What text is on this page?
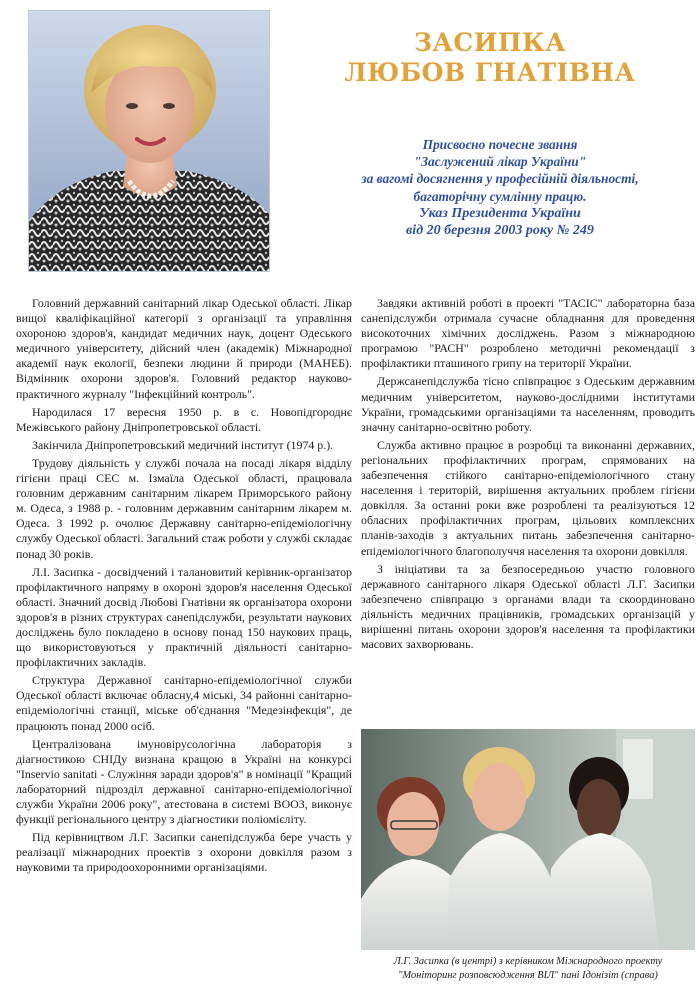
ЗАСИПКА
ЛЮБОВ ГНАТІВНА
Присвоєно почесне звання
"Заслужений лікар України"
за вагомі досягнення у професійній діяльності,
багаторічну сумлінну працю.
Указ Президента України
від 20 березня 2003 року № 249

Головний державний санітарний лікар Одеської області. Лікар вищої кваліфікаційної категорії з організації та управління охороною здоров'я, кандидат медичних наук, доцент Одеського медичного університету, дійсний член (академік) Міжнародної академії наук екології, безпеки людини й природи (МАНЕБ). Відмінник охорони здоров'я. Головний редактор науково-практичного журналу "Інфекційний контроль".

Народилася 17 вересня 1950 р. в с. Новопідгороднє Межівського району Дніпропетровської області.

Закінчила Дніпропетровський медичний інститут (1974 р.).

Трудову діяльність у службі почала на посаді лікаря відділу гігієни праці СЕС м. Ізмаїла Одеської області, працювала головним державним санітарним лікарем Приморського району м. Одеса, з 1988 р. - головним державним санітарним лікарем м. Одеса. З 1992 р. очолює Державну санітарно-епідеміологічну службу Одеської області. Загальний стаж роботи у службі складає понад 30 років.

Л.І. Засипка - досвідчений і талановитий керівник-організатор профілактичного напряму в охороні здоров'я населення Одеської області. Значний досвід Любові Гнатівни як організатора охорони здоров'я в різних структурах санепідслужби, результати наукових досліджень було покладено в основу понад 150 наукових праць, що використовуються у практичній діяльності санітарно-профілактичних закладів.

Структура Державної санітарно-епідеміологічної служби Одеської області включає обласну,4 міські, 34 районні санітарно-епідеміологічні станції, міське об'єднання "Медезінфекція", де працюють понад 2000 осіб.

Централізована імуновірусологічна лабораторія з діагностикою СНІДу визнана кращою в Україні на конкурсі "Inservio sanitati - Служіння заради здоров'я" в номінації "Кращий лабораторний підрозділ державної санітарно-епідеміологічної служби України 2006 року", атестована в системі ВООЗ, виконує функції регіонального центру з діагностики поліомієліту.

Під керівництвом Л.Г. Засипки санепідслужба бере участь у реалізації міжнародних проектів з охорони довкілля разом з науковими та природоохоронними організаціями.

Завдяки активній роботі в проекті "ТАСІС" лабораторна база санепідслужби отримала сучасне обладнання для проведення високоточних хімічних досліджень. Разом з міжнародною програмою "РАСН" розроблено методичні рекомендації з профілактики пташиного грипу на території України.

Держсанепідслужба тісно співпрацює з Одеським державним медичним університетом, науково-дослідними інститутами України, громадськими організаціями та населенням, проводить значну санітарно-освітню роботу.

Служба активно працює в розробці та виконанні державних, регіональних профілактичних програм, спрямованих на забезпечення стійкого санітарно-епідеміологічного стану населення і територій, вирішення актуальних проблем гігієни довкілля. За останні роки вже розроблені та реалізуються 12 обласних профілактичних програм, цільових комплексних планів-заходів з актуальних питань забезпечення санітарно-епідеміологічного благополуччя населення та охорони довкілля.

З ініціативи та за безпосередньою участю головного державного санітарного лікаря Одеської області Л.Г. Засипки забезпечено співпрацю з органами влади та скоординовано діяльність медичних працівників, громадських організацій у вирішенні питань охорони здоров'я населення та профілактики масових захворювань.

Л.Г. Засипка (в центрі) з керівником Міжнародного проекту
"Моніторинг розповсюдження ВІЛ" пані Ідонізіт (справа)
